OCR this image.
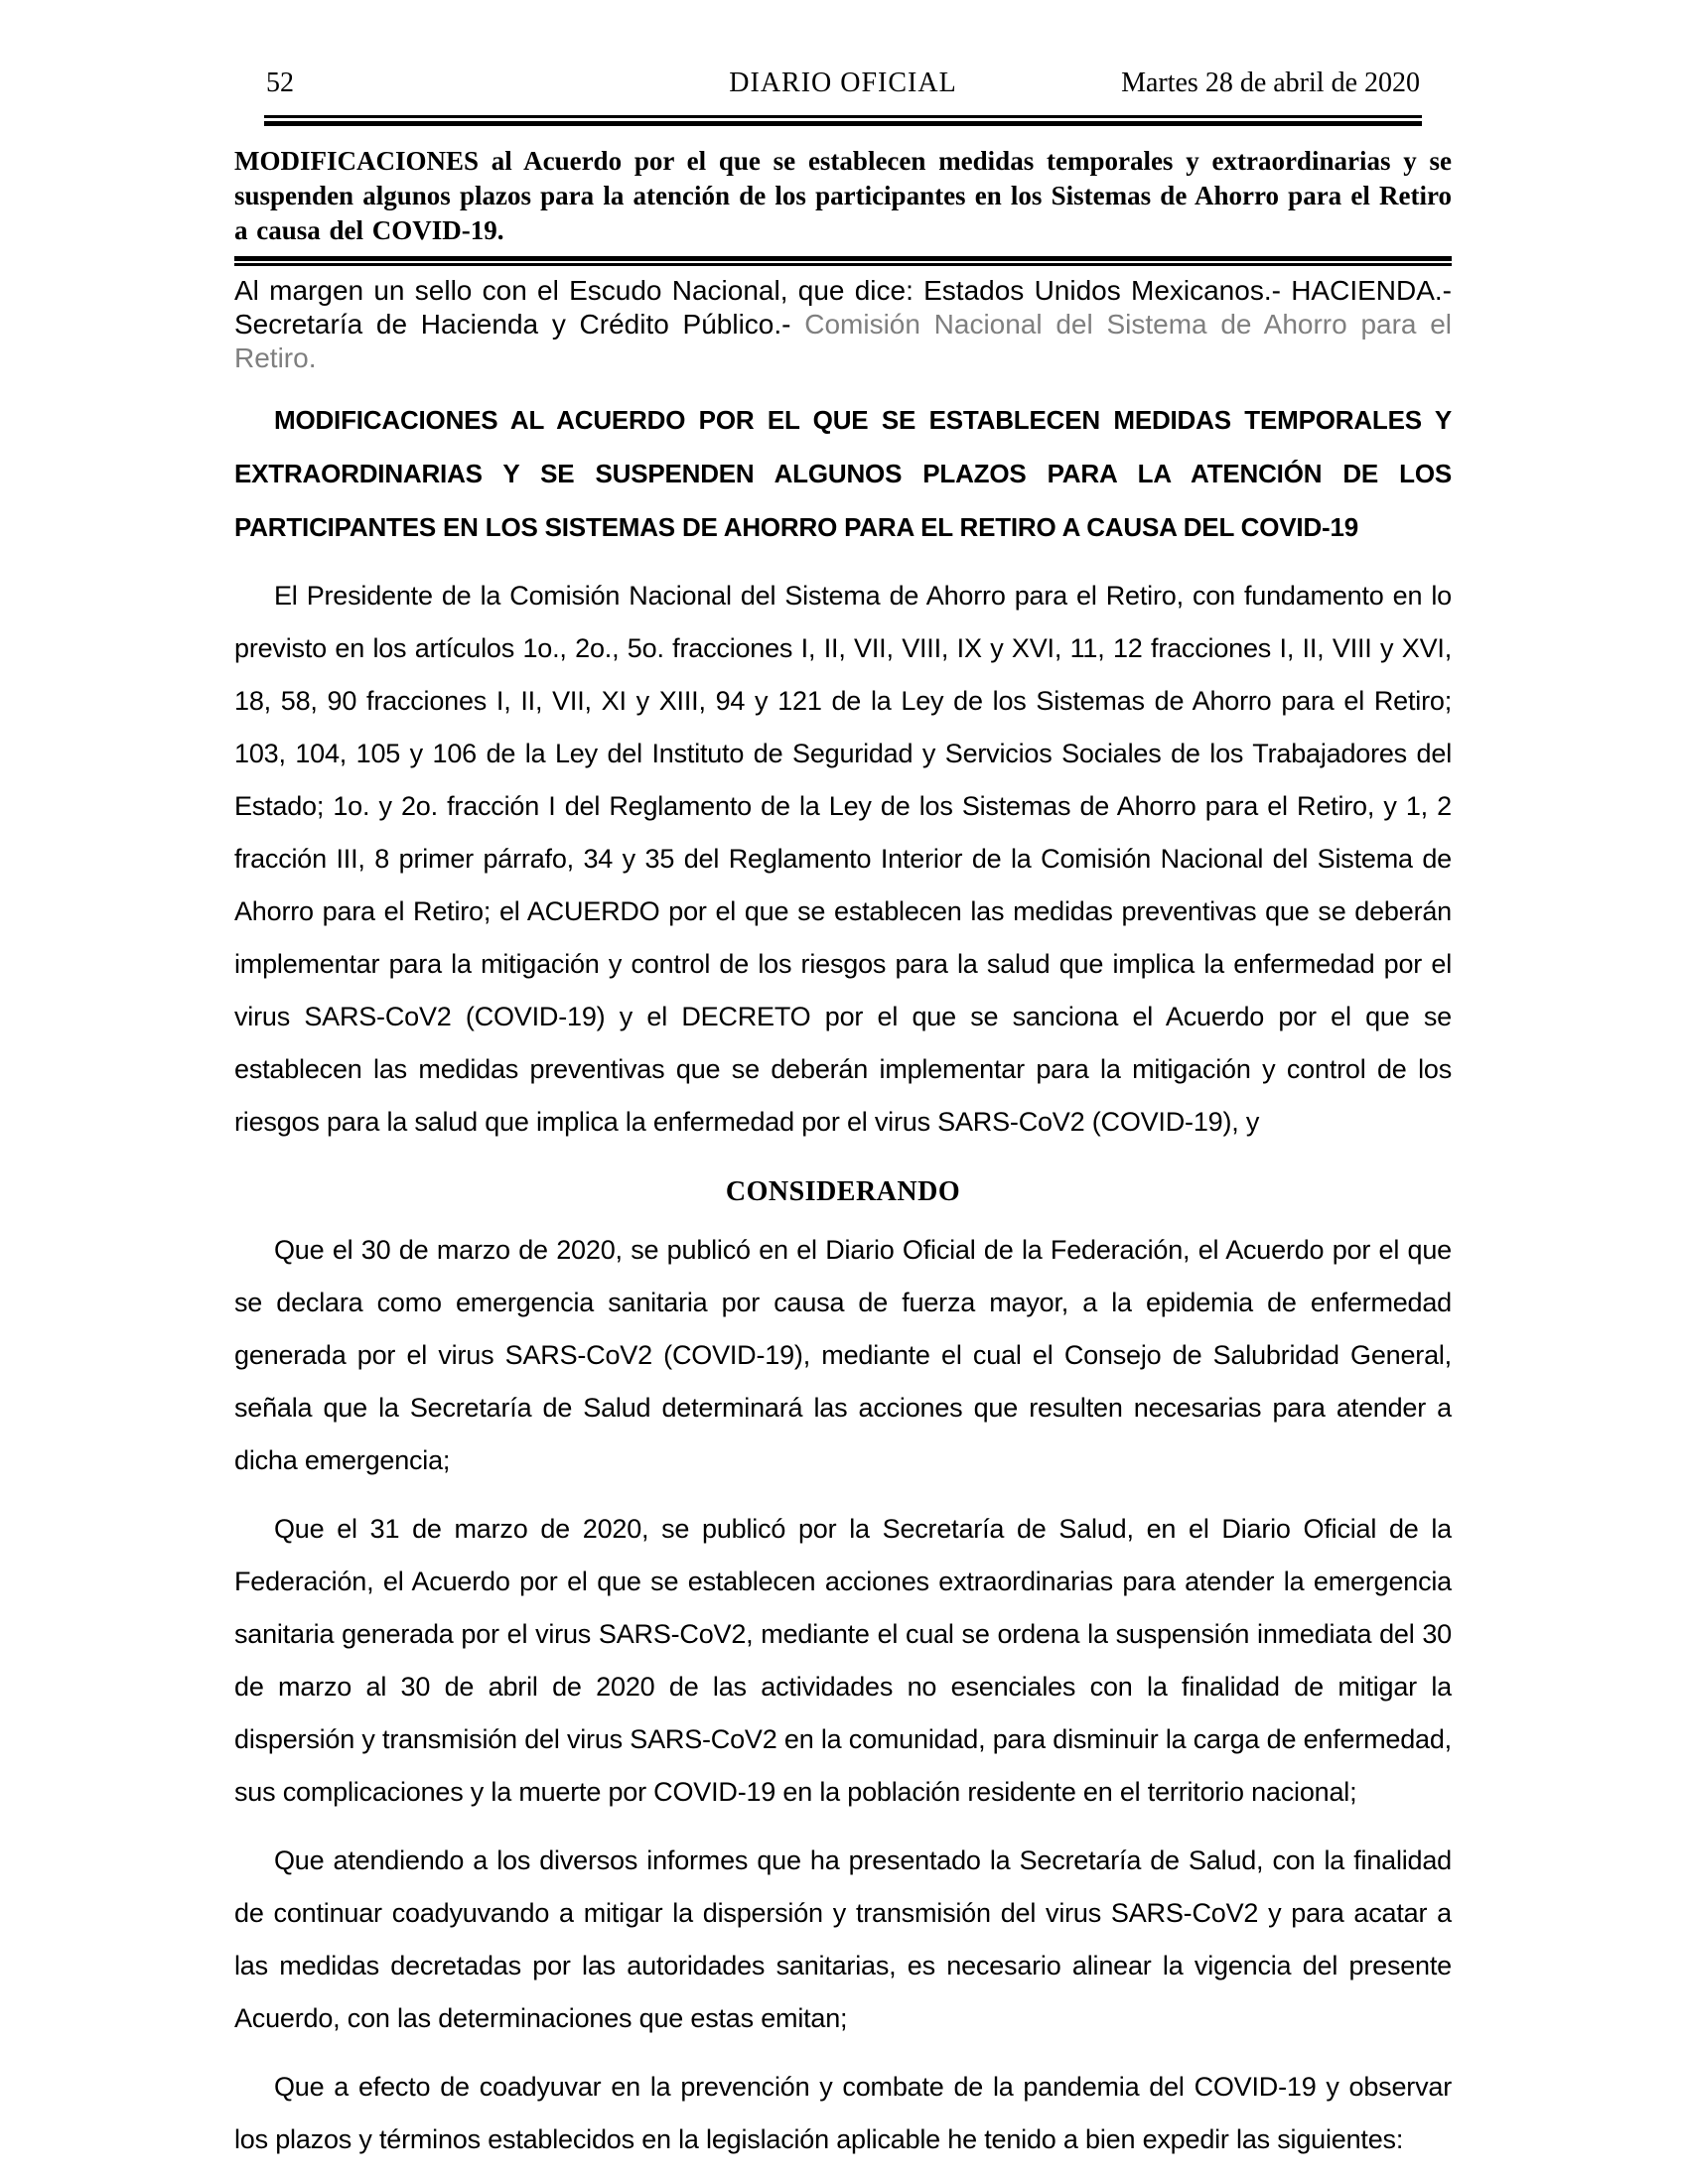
52	DIARIO OFICIAL	Martes 28 de abril de 2020

MODIFICACIONES al Acuerdo por el que se establecen medidas temporales y extraordinarias y se suspenden algunos plazos para la atención de los participantes en los Sistemas de Ahorro para el Retiro a causa del COVID-19.

Al margen un sello con el Escudo Nacional, que dice: Estados Unidos Mexicanos.- HACIENDA.- Secretaría de Hacienda y Crédito Público.- Comisión Nacional del Sistema de Ahorro para el Retiro.

MODIFICACIONES AL ACUERDO POR EL QUE SE ESTABLECEN MEDIDAS TEMPORALES Y EXTRAORDINARIAS Y SE SUSPENDEN ALGUNOS PLAZOS PARA LA ATENCIÓN DE LOS PARTICIPANTES EN LOS SISTEMAS DE AHORRO PARA EL RETIRO A CAUSA DEL COVID-19

El Presidente de la Comisión Nacional del Sistema de Ahorro para el Retiro, con fundamento en lo previsto en los artículos 1o., 2o., 5o. fracciones I, II, VII, VIII, IX y XVI, 11, 12 fracciones I, II, VIII y XVI, 18, 58, 90 fracciones I, II, VII, XI y XIII, 94 y 121 de la Ley de los Sistemas de Ahorro para el Retiro; 103, 104, 105 y 106 de la Ley del Instituto de Seguridad y Servicios Sociales de los Trabajadores del Estado; 1o. y 2o. fracción I del Reglamento de la Ley de los Sistemas de Ahorro para el Retiro, y 1, 2 fracción III, 8 primer párrafo, 34 y 35 del Reglamento Interior de la Comisión Nacional del Sistema de Ahorro para el Retiro; el ACUERDO por el que se establecen las medidas preventivas que se deberán implementar para la mitigación y control de los riesgos para la salud que implica la enfermedad por el virus SARS-CoV2 (COVID-19) y el DECRETO por el que se sanciona el Acuerdo por el que se establecen las medidas preventivas que se deberán implementar para la mitigación y control de los riesgos para la salud que implica la enfermedad por el virus SARS-CoV2 (COVID-19), y

CONSIDERANDO

Que el 30 de marzo de 2020, se publicó en el Diario Oficial de la Federación, el Acuerdo por el que se declara como emergencia sanitaria por causa de fuerza mayor, a la epidemia de enfermedad generada por el virus SARS-CoV2 (COVID-19), mediante el cual el Consejo de Salubridad General, señala que la Secretaría de Salud determinará las acciones que resulten necesarias para atender a dicha emergencia;

Que el 31 de marzo de 2020, se publicó por la Secretaría de Salud, en el Diario Oficial de la Federación, el Acuerdo por el que se establecen acciones extraordinarias para atender la emergencia sanitaria generada por el virus SARS-CoV2, mediante el cual se ordena la suspensión inmediata del 30 de marzo al 30 de abril de 2020 de las actividades no esenciales con la finalidad de mitigar la dispersión y transmisión del virus SARS-CoV2 en la comunidad, para disminuir la carga de enfermedad, sus complicaciones y la muerte por COVID-19 en la población residente en el territorio nacional;

Que atendiendo a los diversos informes que ha presentado la Secretaría de Salud, con la finalidad de continuar coadyuvando a mitigar la dispersión y transmisión del virus SARS-CoV2 y para acatar a las medidas decretadas por las autoridades sanitarias, es necesario alinear la vigencia del presente Acuerdo, con las determinaciones que estas emitan;

Que a efecto de coadyuvar en la prevención y combate de la pandemia del COVID-19 y observar los plazos y términos establecidos en la legislación aplicable he tenido a bien expedir las siguientes:
